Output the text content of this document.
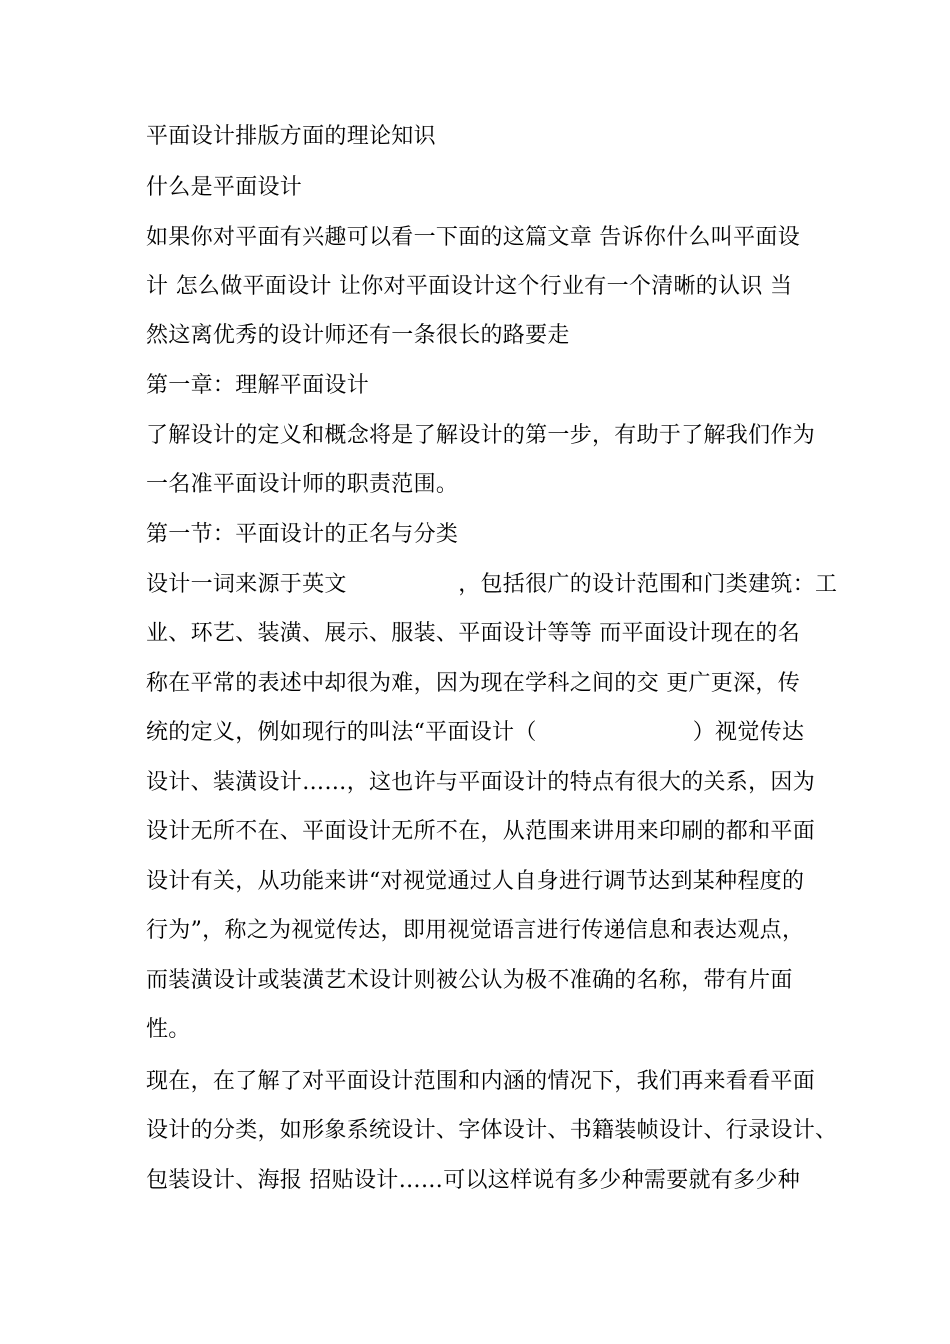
平面设计排版方面的理论知识
什么是平面设计
如果你对平面有兴趣可以看一下面的这篇文章 告诉你什么叫平面设
计 怎么做平面设计 让你对平面设计这个行业有一个清晰的认识 当
然这离优秀的设计师还有一条很长的路要走
第一章：理解平面设计
了解设计的定义和概念将是了解设计的第一步，有助于了解我们作为
一名准平面设计师的职责范围。
第一节：平面设计的正名与分类
设计一词来源于英文　　　　　，包括很广的设计范围和门类建筑：工
业、环艺、装潢、展示、服装、平面设计等等 而平面设计现在的名
称在平常的表述中却很为难，因为现在学科之间的交 更广更深，传
统的定义，例如现行的叫法“平面设计（　　　　　　　）视觉传达
设计、装潢设计……，这也许与平面设计的特点有很大的关系，因为
设计无所不在、平面设计无所不在，从范围来讲用来印刷的都和平面
设计有关，从功能来讲“对视觉通过人自身进行调节达到某种程度的
行为”，称之为视觉传达，即用视觉语言进行传递信息和表达观点，
而装潢设计或装潢艺术设计则被公认为极不准确的名称，带有片面
性。
现在，在了解了对平面设计范围和内涵的情况下，我们再来看看平面
设计的分类，如形象系统设计、字体设计、书籍装帧设计、行录设计、
包装设计、海报 招贴设计……可以这样说有多少种需要就有多少种
